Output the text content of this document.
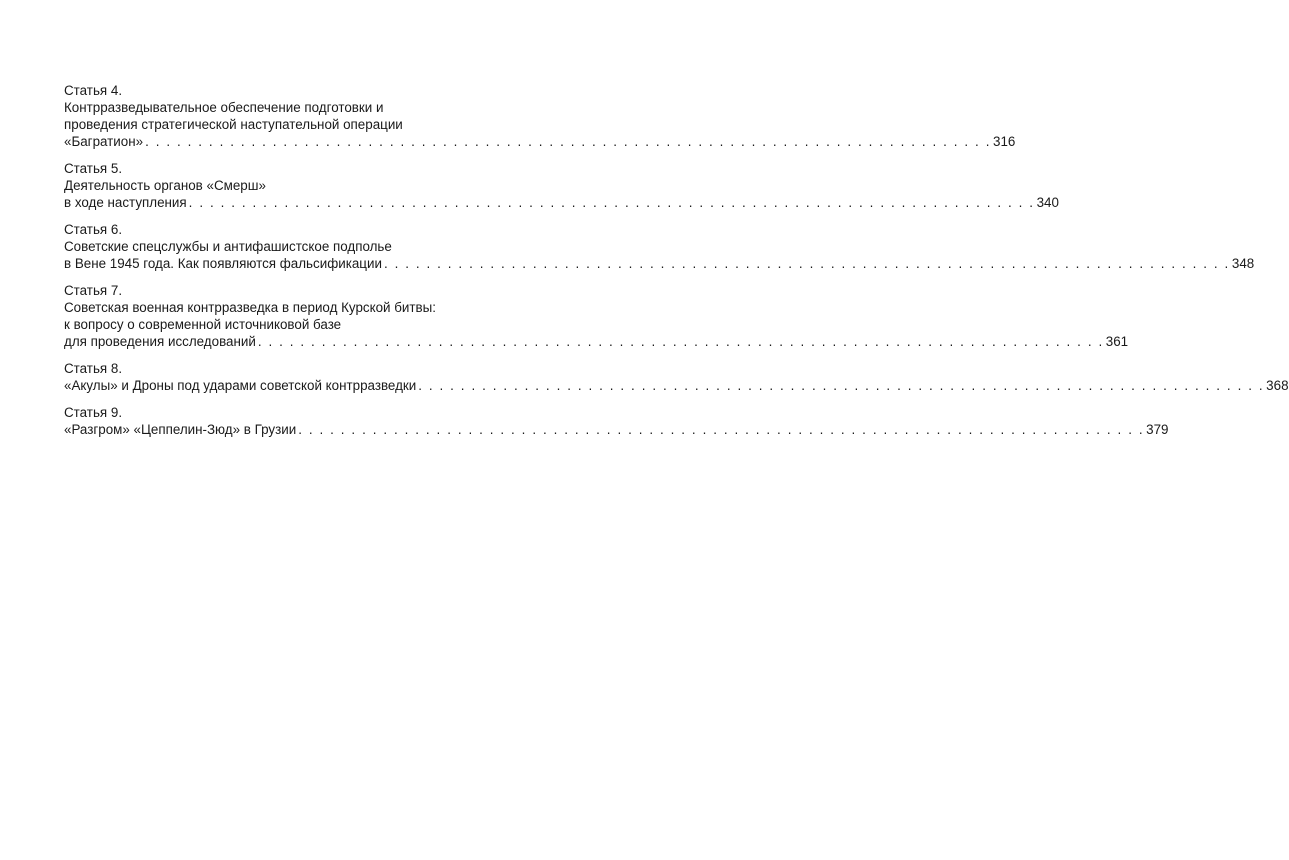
Статья 4.
Контрразведывательное обеспечение подготовки и
проведения стратегической наступательной операции
«Багратион» . . . . . . . . . . . . . . . . . . . . . . . . . . . . . . . . . . . . . . . . . . . . . . . . . . . . . . . . . . . . . . . . . . . . . . . . . . . . . . . . 316
Статья 5.
Деятельность органов «Смерш»
в ходе наступления . . . . . . . . . . . . . . . . . . . . . . . . . . . . . . . . . . . . . . . . . . . . . . . . . . . . . . . . . . . . . . . . . . . . . . . . . . . . . . . . 340
Статья 6.
Советские спецслужбы и антифашистское подполье
в Вене 1945 года. Как появляются фальсификации . . . . . . . . . . . . . . . . . . . . . . . . . . . . . . . . . . . . . . . . . . . . . . . . . . . . . . . . . . . . . . . . . . . . . . . . . . . . . . . . 348
Статья 7.
Советская военная контрразведка в период Курской битвы:
к вопросу о современной источниковой базе
для проведения исследований . . . . . . . . . . . . . . . . . . . . . . . . . . . . . . . . . . . . . . . . . . . . . . . . . . . . . . . . . . . . . . . . . . . . . . . . . . . . . . . . 361
Статья 8.
«Акулы» и Дроны под ударами советской контрразведки . . . . . . . . . . . . . . . . . . . . . . . . . . . . . . . . . . . . . . . . . . . . . . . . . . . . . . . . . . . . . . . . . . . . . . . . . . . . . . . . 368
Статья 9.
«Разгром» «Цеппелин-Зюд» в Грузии . . . . . . . . . . . . . . . . . . . . . . . . . . . . . . . . . . . . . . . . . . . . . . . . . . . . . . . . . . . . . . . . . . . . . . . . . . . . . . . . 379
